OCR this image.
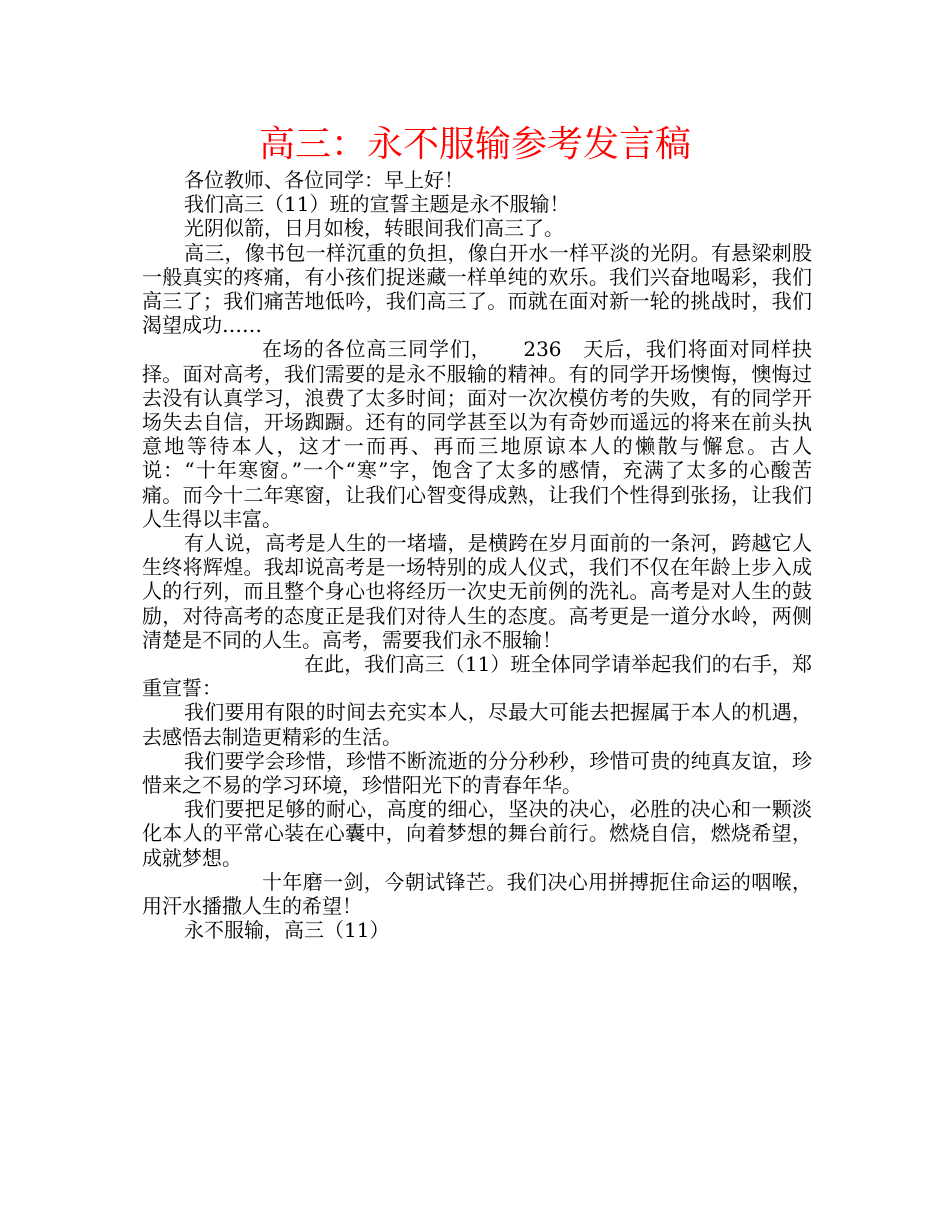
高三：永不服输参考发言稿

各位教师、各位同学：早上好！

我们高三（11）班的宣誓主题是永不服输！

光阴似箭，日月如梭，转眼间我们高三了。

高三，像书包一样沉重的负担，像白开水一样平淡的光阴。有悬梁刺股一般真实的疼痛，有小孩们捉迷藏一样单纯的欢乐。我们兴奋地喝彩，我们高三了；我们痛苦地低吟，我们高三了。而就在面对新一轮的挑战时，我们渴望成功……

在场的各位高三同学们，　　236　天后，我们将面对同样抉择。面对高考，我们需要的是永不服输的精神。有的同学开场懊悔，懊悔过去没有认真学习，浪费了太多时间；面对一次次模仿考的失败，有的同学开场失去自信，开场踟蹰。还有的同学甚至以为有奇妙而遥远的将来在前头执意地等待本人，这才一而再、再而三地原谅本人的懒散与懈怠。古人说：“十年寒窗。”一个“寒”字，饱含了太多的感情，充满了太多的心酸苦痛。而今十二年寒窗，让我们心智变得成熟，让我们个性得到张扬，让我们人生得以丰富。

有人说，高考是人生的一堵墙，是横跨在岁月面前的一条河，跨越它人生终将辉煌。我却说高考是一场特别的成人仪式，我们不仅在年龄上步入成人的行列，而且整个身心也将经历一次史无前例的洗礼。高考是对人生的鼓励，对待高考的态度正是我们对待人生的态度。高考更是一道分水岭，两侧清楚是不同的人生。高考，需要我们永不服输！

在此，我们高三（11）班全体同学请举起我们的右手，郑重宣誓：

我们要用有限的时间去充实本人，尽最大可能去把握属于本人的机遇，去感悟去制造更精彩的生活。

我们要学会珍惜，珍惜不断流逝的分分秒秒，珍惜可贵的纯真友谊，珍惜来之不易的学习环境，珍惜阳光下的青春年华。

我们要把足够的耐心，高度的细心，坚决的决心，必胜的决心和一颗淡化本人的平常心装在心囊中，向着梦想的舞台前行。燃烧自信，燃烧希望，成就梦想。

十年磨一剑，今朝试锋芒。我们决心用拼搏扼住命运的咽喉，用汗水播撒人生的希望！

永不服输，高三（11）
